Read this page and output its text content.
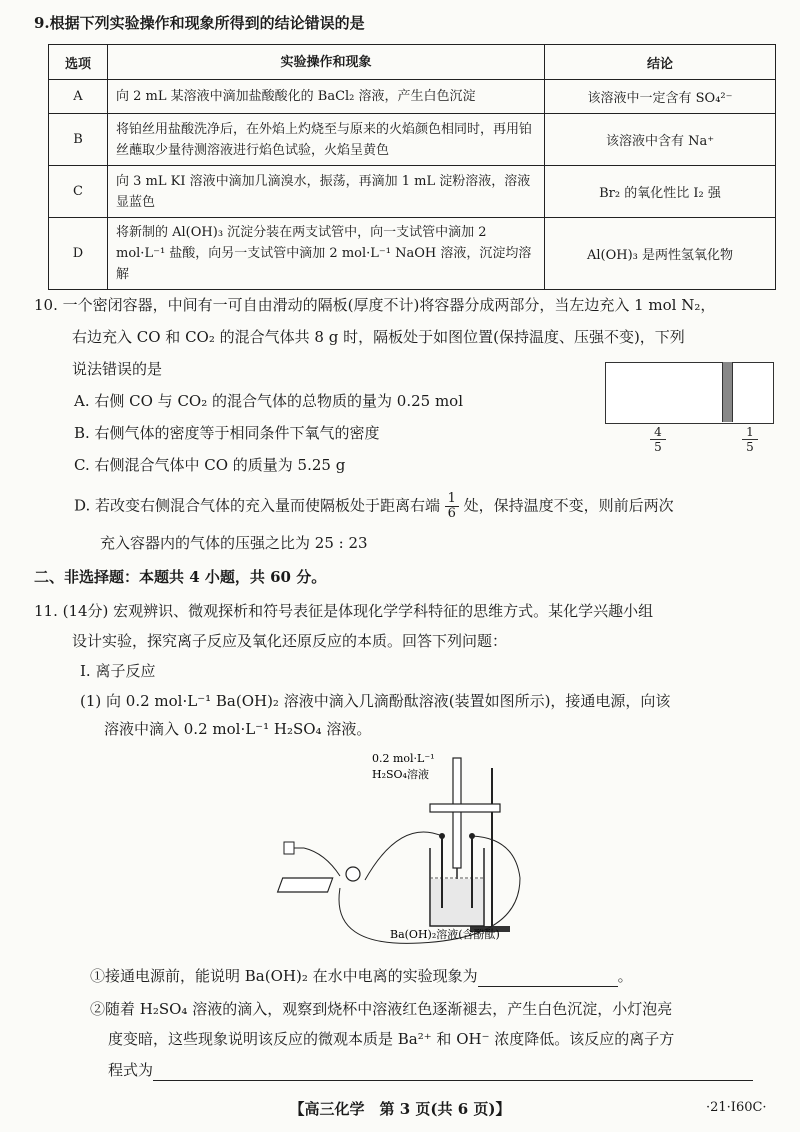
9.根据下列实验操作和现象所得到的结论错误的是
选项	实验操作和现象	结论
A	向 2 mL 某溶液中滴加盐酸酸化的 BaCl₂ 溶液，产生白色沉淀	该溶液中一定含有 SO₄²⁻
B	将铂丝用盐酸洗净后，在外焰上灼烧至与原来的火焰颜色相同时，再用铂丝蘸取少量待测溶液进行焰色试验，火焰呈黄色	该溶液中含有 Na⁺
C	向 3 mL KI 溶液中滴加几滴溴水，振荡，再滴加 1 mL 淀粉溶液，溶液显蓝色	Br₂ 的氧化性比 I₂ 强
D	将新制的 Al(OH)₃ 沉淀分装在两支试管中，向一支试管中滴加 2 mol·L⁻¹ 盐酸，向另一支试管中滴加 2 mol·L⁻¹ NaOH 溶液，沉淀均溶解	Al(OH)₃ 是两性氢氧化物
10. 一个密闭容器，中间有一可自由滑动的隔板(厚度不计)将容器分成两部分，当左边充入 1 mol N₂，
右边充入 CO 和 CO₂ 的混合气体共 8 g 时，隔板处于如图位置(保持温度、压强不变)，下列
说法错误的是
A. 右侧 CO 与 CO₂ 的混合气体的总物质的量为 0.25 mol
B. 右侧气体的密度等于相同条件下氧气的密度
C. 右侧混合气体中 CO 的质量为 5.25 g
D. 若改变右侧混合气体的充入量而使隔板处于距离右端 $\frac{1}{6}$ 处，保持温度不变，则前后两次
充入容器内的气体的压强之比为 25 : 23
4
5
1
5
二、非选择题：本题共 4 小题，共 60 分。
11. (14分) 宏观辨识、微观探析和符号表征是体现化学学科特征的思维方式。某化学兴趣小组
设计实验，探究离子反应及氧化还原反应的本质。回答下列问题：
Ⅰ. 离子反应
(1) 向 0.2 mol·L⁻¹ Ba(OH)₂ 溶液中滴入几滴酚酞溶液(装置如图所示)，接通电源，向该
溶液中滴入 0.2 mol·L⁻¹ H₂SO₄ 溶液。
0.2 mol·L⁻¹
H₂SO₄溶液
Ba(OH)₂溶液(含酚酞)
①接通电源前，能说明 Ba(OH)₂ 在水中电离的实验现象为	。
②随着 H₂SO₄ 溶液的滴入，观察到烧杯中溶液红色逐渐褪去，产生白色沉淀，小灯泡亮
度变暗，这些现象说明该反应的微观本质是 Ba²⁺ 和 OH⁻ 浓度降低。该反应的离子方
程式为
【高三化学　第 3 页(共 6 页)】	·21·I60C·
